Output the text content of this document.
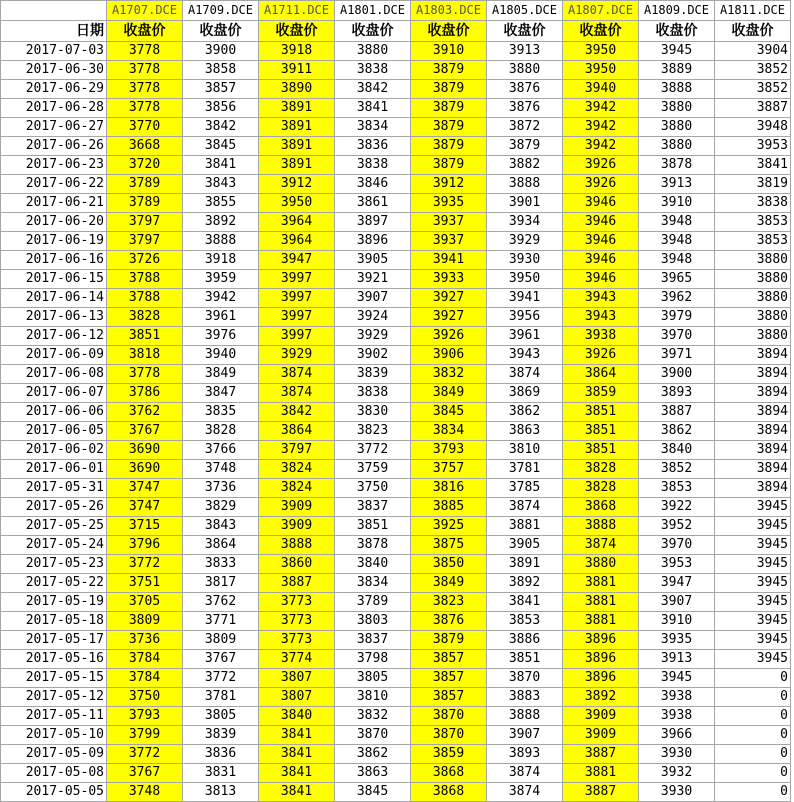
	A1707.DCE	A1709.DCE	A1711.DCE	A1801.DCE	A1803.DCE	A1805.DCE	A1807.DCE	A1809.DCE	A1811.DCE
日期	收盘价	收盘价	收盘价	收盘价	收盘价	收盘价	收盘价	收盘价	收盘价
2017-07-03	3778	3900	3918	3880	3910	3913	3950	3945	3904
2017-06-30	3778	3858	3911	3838	3879	3880	3950	3889	3852
2017-06-29	3778	3857	3890	3842	3879	3876	3940	3888	3852
2017-06-28	3778	3856	3891	3841	3879	3876	3942	3880	3887
2017-06-27	3770	3842	3891	3834	3879	3872	3942	3880	3948
2017-06-26	3668	3845	3891	3836	3879	3879	3942	3880	3953
2017-06-23	3720	3841	3891	3838	3879	3882	3926	3878	3841
2017-06-22	3789	3843	3912	3846	3912	3888	3926	3913	3819
2017-06-21	3789	3855	3950	3861	3935	3901	3946	3910	3838
2017-06-20	3797	3892	3964	3897	3937	3934	3946	3948	3853
2017-06-19	3797	3888	3964	3896	3937	3929	3946	3948	3853
2017-06-16	3726	3918	3947	3905	3941	3930	3946	3948	3880
2017-06-15	3788	3959	3997	3921	3933	3950	3946	3965	3880
2017-06-14	3788	3942	3997	3907	3927	3941	3943	3962	3880
2017-06-13	3828	3961	3997	3924	3927	3956	3943	3979	3880
2017-06-12	3851	3976	3997	3929	3926	3961	3938	3970	3880
2017-06-09	3818	3940	3929	3902	3906	3943	3926	3971	3894
2017-06-08	3778	3849	3874	3839	3832	3874	3864	3900	3894
2017-06-07	3786	3847	3874	3838	3849	3869	3859	3893	3894
2017-06-06	3762	3835	3842	3830	3845	3862	3851	3887	3894
2017-06-05	3767	3828	3864	3823	3834	3863	3851	3862	3894
2017-06-02	3690	3766	3797	3772	3793	3810	3851	3840	3894
2017-06-01	3690	3748	3824	3759	3757	3781	3828	3852	3894
2017-05-31	3747	3736	3824	3750	3816	3785	3828	3853	3894
2017-05-26	3747	3829	3909	3837	3885	3874	3868	3922	3945
2017-05-25	3715	3843	3909	3851	3925	3881	3888	3952	3945
2017-05-24	3796	3864	3888	3878	3875	3905	3874	3970	3945
2017-05-23	3772	3833	3860	3840	3850	3891	3880	3953	3945
2017-05-22	3751	3817	3887	3834	3849	3892	3881	3947	3945
2017-05-19	3705	3762	3773	3789	3823	3841	3881	3907	3945
2017-05-18	3809	3771	3773	3803	3876	3853	3881	3910	3945
2017-05-17	3736	3809	3773	3837	3879	3886	3896	3935	3945
2017-05-16	3784	3767	3774	3798	3857	3851	3896	3913	3945
2017-05-15	3784	3772	3807	3805	3857	3870	3896	3945	0
2017-05-12	3750	3781	3807	3810	3857	3883	3892	3938	0
2017-05-11	3793	3805	3840	3832	3870	3888	3909	3938	0
2017-05-10	3799	3839	3841	3870	3870	3907	3909	3966	0
2017-05-09	3772	3836	3841	3862	3859	3893	3887	3930	0
2017-05-08	3767	3831	3841	3863	3868	3874	3881	3932	0
2017-05-05	3748	3813	3841	3845	3868	3874	3887	3930	0
